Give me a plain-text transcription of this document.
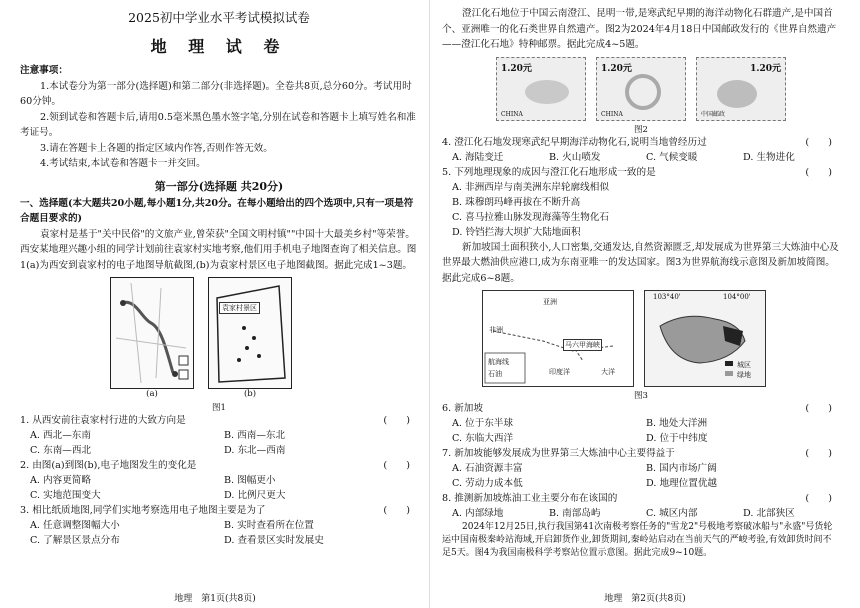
2025初中学业水平考试模拟试卷
地 理 试 卷

注意事项：

1.本试卷分为第一部分(选择题)和第二部分(非选择题)。全卷共8页,总分60分。考试用时60分钟。

2.领到试卷和答题卡后,请用0.5毫米黑色墨水签字笔,分别在试卷和答题卡上填写姓名和准考证号。

3.请在答题卡上各题的指定区域内作答,否则作答无效。

4.考试结束,本试卷和答题卡一并交回。

第一部分(选择题 共20分)

一、选择题(本大题共20小题,每小题1分,共20分。在每小题给出的四个选项中,只有一项是符合题目要求的)

袁家村是基于"关中民俗"的文旅产业,曾荣获"全国文明村镇""中国十大最美乡村"等荣誉。西安某地理兴趣小组的同学计划前往袁家村实地考察,他们用手机电子地图查询了相关信息。图1(a)为西安到袁家村的电子地图导航截图,(b)为袁家村景区电子地图截图。据此完成1~3题。

(a)
袁家村景区
(b)
图1
1. 从西安前往袁家村行进的大致方向是	(　　)
A. 西北—东南	B. 西南—东北
C. 东南—西北	D. 东北—西南
2. 由图(a)到图(b),电子地图发生的变化是	(　　)
A. 内容更简略	B. 图幅更小
C. 实地范围变大	D. 比例尺更大
3. 相比纸质地图,同学们实地考察选用电子地图主要是为了	(　　)
A. 任意调整图幅大小	B. 实时查看所在位置
C. 了解景区景点分布	D. 查看景区实时发展史
地理　第1页(共8页)

澄江化石地位于中国云南澄江、昆明一带,是寒武纪早期的海洋动物化石群遗产,是中国首个、亚洲唯一的化石类世界自然遗产。图2为2024年4月18日中国邮政发行的《世界自然遗产——澄江化石地》特种邮票。据此完成4~5题。

1.20元
CHINA
1.20元
CHINA
1.20元
中国邮政
图2
4. 澄江化石地发现寒武纪早期海洋动物化石,说明当地曾经历过	(　　)
A. 海陆变迁	B. 火山喷发	C. 气候变暖	D. 生物进化
5. 下列地理现象的成因与澄江化石地形成一致的是	(　　)
A. 非洲西岸与南美洲东岸轮廓线相似
B. 珠穆朗玛峰再拔在不断升高
C. 喜马拉雅山脉发现海藻等生物化石
D. 铃铛拦海大坝扩大陆地面积

新加坡国土面积狭小,人口密集,交通发达,自然资源匮乏,却发展成为世界第三大炼油中心及世界最大燃油供应港口,成为东南亚唯一的发达国家。图3为世界航海线示意图及新加坡简图。据此完成6~8题。

亚洲
非洲
印度洋	大洋
马六甲海峡
航海线
石油
103°40'	104°00'
城区
绿地
图3
6. 新加坡	(　　)
A. 位于东半球	B. 地处大洋洲
C. 东临大西洋	D. 位于中纬度
7. 新加坡能够发展成为世界第三大炼油中心主要得益于	(　　)
A. 石油资源丰富	B. 国内市场广阔
C. 劳动力成本低	D. 地理位置优越
8. 推测新加坡炼油工业主要分布在该国的	(　　)
A. 内部绿地	B. 南部岛屿	C. 城区内部	D. 北部狭区

2024年12月25日,执行我国第41次南极考察任务的"雪龙2"号极地考察破冰船与"永盛"号货轮运中国南极秦岭站海域,开启卸货作业,卸货期间,秦岭站启动在当前天气的严峻考验,有效卸货时间不足5天。图4为我国南极科学考察站位置示意图。据此完成9~10题。

地理　第2页(共8页)
